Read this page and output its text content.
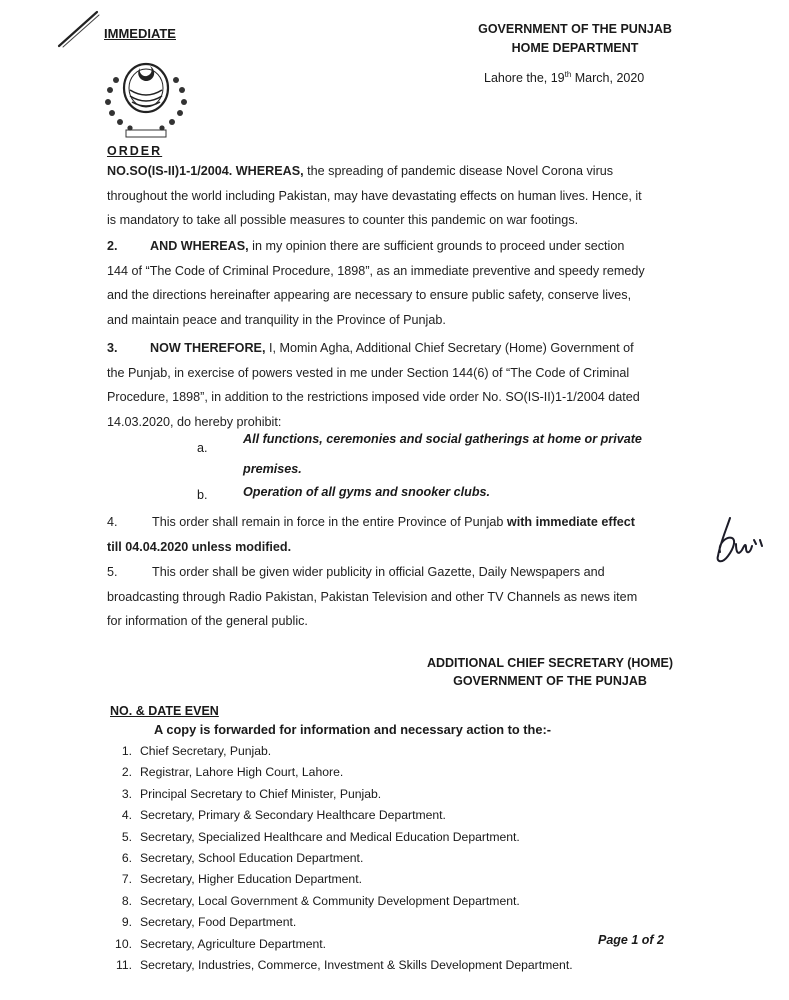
IMMEDIATE	GOVERNMENT OF THE PUNJAB
HOME DEPARTMENT
Lahore the, 19th March, 2020
ORDER
NO.SO(IS-II)1-1/2004. WHEREAS, the spreading of pandemic disease Novel Corona virus
throughout the world including Pakistan, may have devastating effects on human lives. Hence, it
is mandatory to take all possible measures to counter this pandemic on war footings.
2.	AND WHEREAS, in my opinion there are sufficient grounds to proceed under section
144 of “The Code of Criminal Procedure, 1898”, as an immediate preventive and speedy remedy
and the directions hereinafter appearing are necessary to ensure public safety, conserve lives,
and maintain peace and tranquility in the Province of Punjab.
3.	NOW THEREFORE, I, Momin Agha, Additional Chief Secretary (Home) Government of
the Punjab, in exercise of powers vested in me under Section 144(6) of “The Code of Criminal
Procedure, 1898”, in addition to the restrictions imposed vide order No. SO(IS-II)1-1/2004 dated
14.03.2020, do hereby prohibit:
a.
All functions, ceremonies and social gatherings at home or private
premises.
b.	Operation of all gyms and snooker clubs.
4.	This order shall remain in force in the entire Province of Punjab with immediate effect
till 04.04.2020 unless modified.
5.	This order shall be given wider publicity in official Gazette, Daily Newspapers and
broadcasting through Radio Pakistan, Pakistan Television and other TV Channels as news item
for information of the general public.
ADDITIONAL CHIEF SECRETARY (HOME)
GOVERNMENT OF THE PUNJAB
NO. & DATE EVEN
A copy is forwarded for information and necessary action to the:-
1. Chief Secretary, Punjab.
2. Registrar, Lahore High Court, Lahore.
3. Principal Secretary to Chief Minister, Punjab.
4. Secretary, Primary & Secondary Healthcare Department.
5. Secretary, Specialized Healthcare and Medical Education Department.
6. Secretary, School Education Department.
7. Secretary, Higher Education Department.
8. Secretary, Local Government & Community Development Department.
9. Secretary, Food Department.
10. Secretary, Agriculture Department.
11. Secretary, Industries, Commerce, Investment & Skills Development Department.
Page 1 of 2
